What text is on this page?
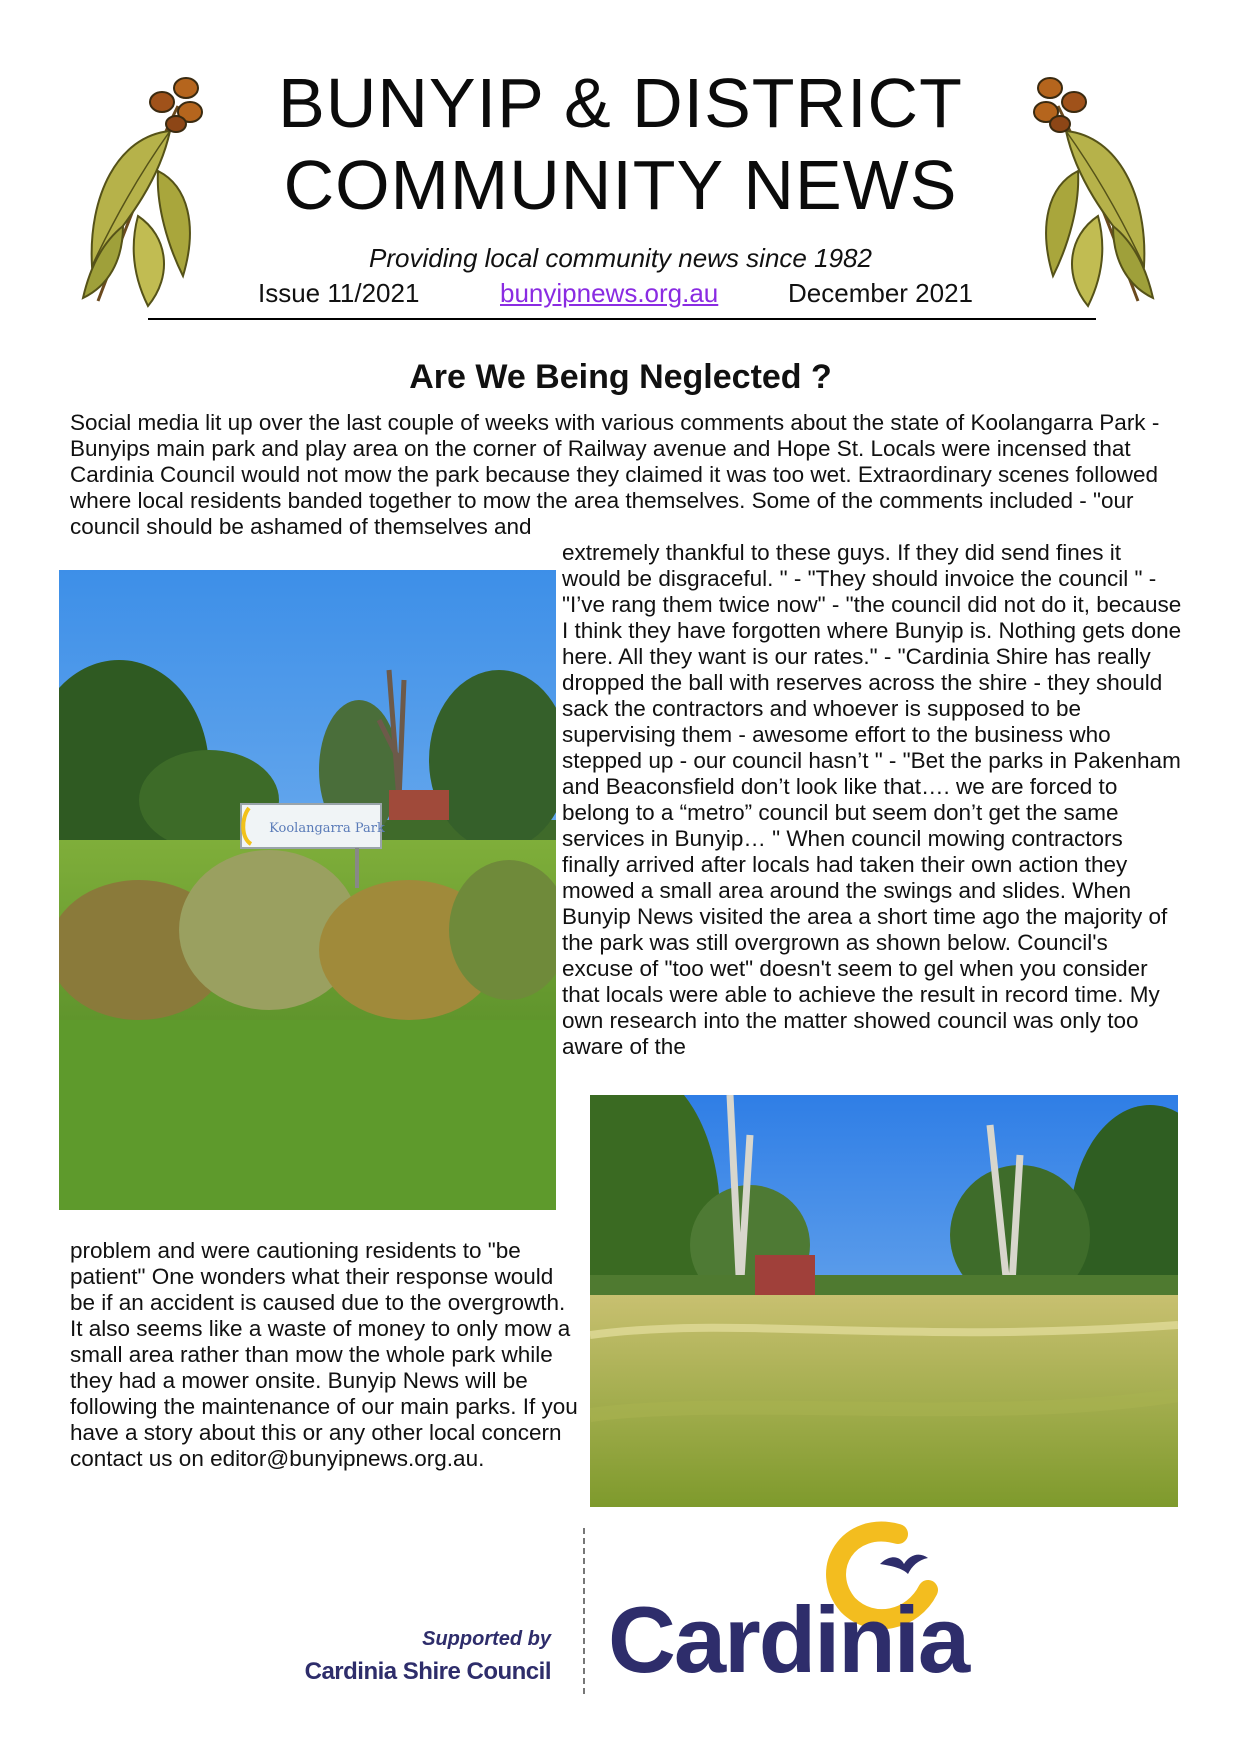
BUNYIP & DISTRICT
COMMUNITY NEWS
Providing local community news since 1982
Issue 11/2021	bunyipnews.org.au	December 2021
Are We Being Neglected ?
Social media lit up over the last couple of weeks with various comments about the state of Koolangarra Park - Bunyips main park and play area on the corner of Railway avenue and Hope St. Locals were incensed that Cardinia Council would not mow the park because they claimed it was too wet. Extraordinary scenes followed where local residents banded together to mow the area themselves. Some of the comments included - "our council should be ashamed of themselves and
extremely thankful to these guys. If they did send fines it would be disgraceful. " - "They should invoice the council " - "I’ve rang them twice now" - "the council did not do it, because I think they have forgotten where Bunyip is. Nothing gets done here. All they want is our rates." - "Cardinia Shire has really dropped the ball with reserves across the shire - they should sack the contractors and whoever is supposed to be supervising them - awesome effort to the business who stepped up - our council hasn’t " - "Bet the parks in Pakenham and Beaconsfield don’t look like that…. we are forced to belong to a “metro” council but seem don’t get the same services in Bunyip… " When council mowing contractors finally arrived after locals had taken their own action they mowed a small area around the swings and slides. When Bunyip News visited the area a short time ago the majority of the park was still overgrown as shown below. Council's excuse of "too wet" doesn't seem to gel when you consider that locals were able to achieve the result in record time. My own research into the matter showed council was only too aware of the
Koolangarra Park
problem and were cautioning residents to "be patient" One wonders what their response would be if an accident is caused due to the overgrowth. It also seems like a waste of money to only mow a small area rather than mow the whole park while they had a mower onsite. Bunyip News will be following the maintenance of our main parks. If you have a story about this or any other local concern contact us on editor@bunyipnews.org.au.
Supported by
Cardinia Shire Council Cardinia
